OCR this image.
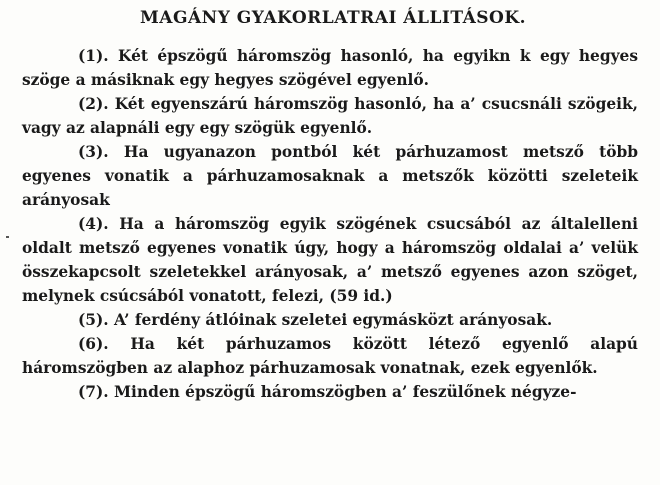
MAGÁNY GYAKORLATRAI ÁLLITÁSOK.

(1). Két épszögű háromszög hasonló, ha egyikn k egy hegyes szöge a másiknak egy hegyes szögével egyenlő.

(2). Két egyenszárú háromszög hasonló, ha a’ csucsnáli szögeik, vagy az alapnáli egy egy szögük egyenlő.

(3). Ha ugyanazon pontból két párhuzamost metsző több egyenes vonatik a párhuzamosaknak a metszők közötti szeleteik arányosak

(4). Ha a háromszög egyik szögének csucsából az általelleni oldalt metsző egyenes vonatik úgy, hogy a háromszög oldalai a’ velük összekapcsolt szeletekkel arányosak, a’ metsző egyenes azon szöget, melynek csúcsából vonatott, felezi, (59 id.)

(5). A’ ferdény átlóinak szeletei egymásközt arányosak.

(6). Ha két párhuzamos között létező egyenlő alapú háromszögben az alaphoz párhuzamosak vonatnak, ezek egyenlők.

(7). Minden épszögű háromszögben a’ feszülőnek négyze-
